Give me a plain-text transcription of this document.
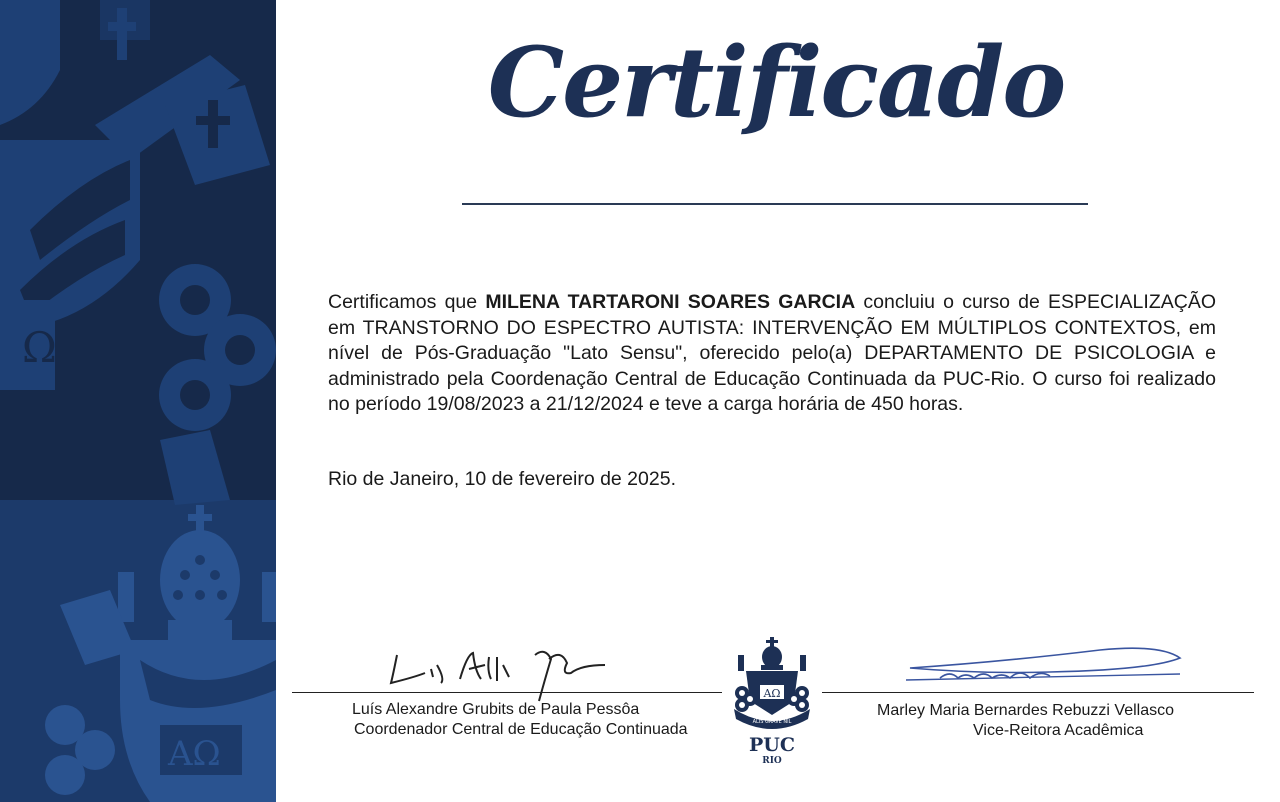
Ω
AΩ
Certificado
Certificamos que MILENA TARTARONI SOARES GARCIA concluiu o curso de ESPECIALIZAÇÃO em TRANSTORNO DO ESPECTRO AUTISTA: INTERVENÇÃO EM MÚLTIPLOS CONTEXTOS, em nível de Pós-Graduação "Lato Sensu", oferecido pelo(a) DEPARTAMENTO DE PSICOLOGIA e administrado pela Coordenação Central de Educação Continuada da PUC-Rio. O curso foi realizado no período 19/08/2023 a 21/12/2024 e teve a carga horária de 450 horas.
Rio de Janeiro, 10 de fevereiro de 2025.
Luís Alexandre Grubits de Paula Pessôa
Coordenador Central de Educação Continuada
AΩ
ALIS GRAVE NIL
PUC
RIO
Marley Maria Bernardes Rebuzzi Vellasco
Vice-Reitora Acadêmica
